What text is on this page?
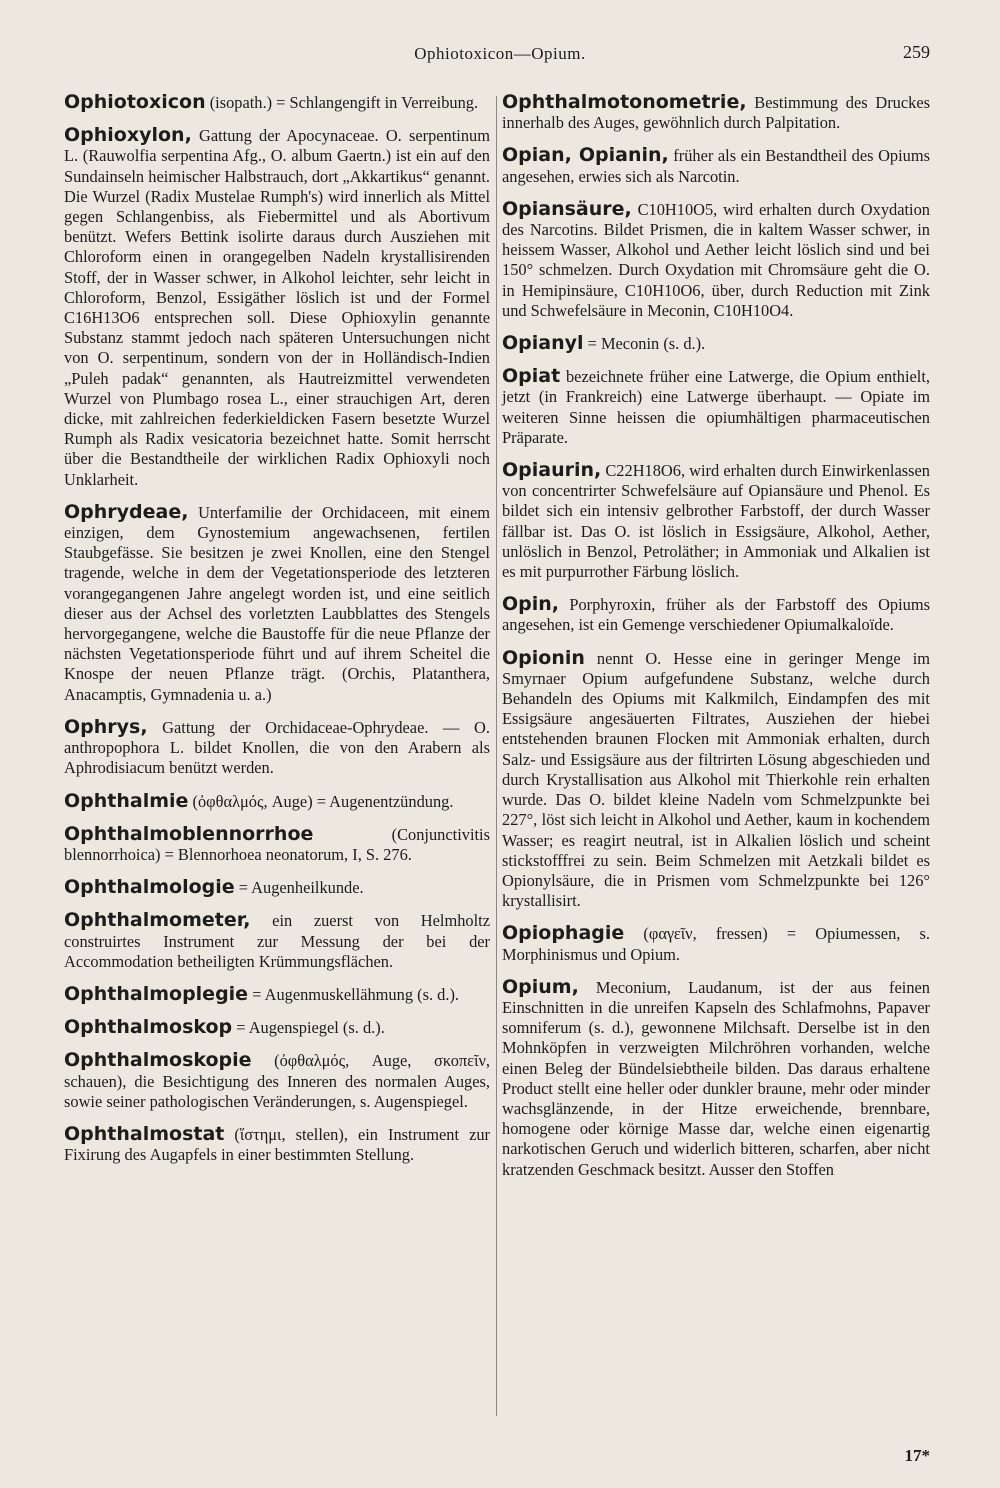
Ophiotoxicon—Opium.	259
Ophiotoxicon (isopath.) = Schlangengift in Verreibung.
Ophioxylon, Gattung der Apocynaceae. O. serpentinum L. (Rauwolfia serpentina Afg., O. album Gaertn.) ist ein auf den Sundainseln heimischer Halbstrauch, dort „Akkartikus“ genannt. Die Wurzel (Radix Mustelae Rumph's) wird innerlich als Mittel gegen Schlangenbiss, als Fiebermittel und als Abortivum benützt. Wefers Bettink isolirte daraus durch Ausziehen mit Chloroform einen in orangegelben Nadeln krystallisirenden Stoff, der in Wasser schwer, in Alkohol leichter, sehr leicht in Chloroform, Benzol, Essigäther löslich ist und der Formel C16H13O6 entsprechen soll. Diese Ophioxylin genannte Substanz stammt jedoch nach späteren Untersuchungen nicht von O. serpentinum, sondern von der in Holländisch-Indien „Puleh padak“ genannten, als Hautreizmittel verwendeten Wurzel von Plumbago rosea L., einer strauchigen Art, deren dicke, mit zahlreichen federkieldicken Fasern besetzte Wurzel Rumph als Radix vesicatoria bezeichnet hatte. Somit herrscht über die Bestandtheile der wirklichen Radix Ophioxyli noch Unklarheit.
Ophrydeae, Unterfamilie der Orchidaceen, mit einem einzigen, dem Gynostemium angewachsenen, fertilen Staubgefässe. Sie besitzen je zwei Knollen, eine den Stengel tragende, welche in dem der Vegetationsperiode des letzteren vorangegangenen Jahre angelegt worden ist, und eine seitlich dieser aus der Achsel des vorletzten Laubblattes des Stengels hervorgegangene, welche die Baustoffe für die neue Pflanze der nächsten Vegetationsperiode führt und auf ihrem Scheitel die Knospe der neuen Pflanze trägt. (Orchis, Platanthera, Anacamptis, Gymnadenia u. a.)
Ophrys, Gattung der Orchidaceae-Ophrydeae. — O. anthropophora L. bildet Knollen, die von den Arabern als Aphrodisiacum benützt werden.
Ophthalmie (ὀφθαλμός, Auge) = Augenentzündung.
Ophthalmoblennorrhoe (Conjunctivitis blennorrhoica) = Blennorhoea neonatorum, I, S. 276.
Ophthalmologie = Augenheilkunde.
Ophthalmometer, ein zuerst von Helmholtz construirtes Instrument zur Messung der bei der Accommodation betheiligten Krümmungsflächen.
Ophthalmoplegie = Augenmuskellähmung (s. d.).
Ophthalmoskop = Augenspiegel (s. d.).
Ophthalmoskopie (ὀφθαλμός, Auge, σκοπεῖν, schauen), die Besichtigung des Inneren des normalen Auges, sowie seiner pathologischen Veränderungen, s. Augenspiegel.
Ophthalmostat (ἵστημι, stellen), ein Instrument zur Fixirung des Augapfels in einer bestimmten Stellung.
Ophthalmotonometrie, Bestimmung des Druckes innerhalb des Auges, gewöhnlich durch Palpitation.
Opian, Opianin, früher als ein Bestandtheil des Opiums angesehen, erwies sich als Narcotin.
Opiansäure, C10H10O5, wird erhalten durch Oxydation des Narcotins. Bildet Prismen, die in kaltem Wasser schwer, in heissem Wasser, Alkohol und Aether leicht löslich sind und bei 150° schmelzen. Durch Oxydation mit Chromsäure geht die O. in Hemipinsäure, C10H10O6, über, durch Reduction mit Zink und Schwefelsäure in Meconin, C10H10O4.
Opianyl = Meconin (s. d.).
Opiat bezeichnete früher eine Latwerge, die Opium enthielt, jetzt (in Frankreich) eine Latwerge überhaupt. — Opiate im weiteren Sinne heissen die opiumhältigen pharmaceutischen Präparate.
Opiaurin, C22H18O6, wird erhalten durch Einwirkenlassen von concentrirter Schwefelsäure auf Opiansäure und Phenol. Es bildet sich ein intensiv gelbrother Farbstoff, der durch Wasser fällbar ist. Das O. ist löslich in Essigsäure, Alkohol, Aether, unlöslich in Benzol, Petroläther; in Ammoniak und Alkalien ist es mit purpurrother Färbung löslich.
Opin, Porphyroxin, früher als der Farbstoff des Opiums angesehen, ist ein Gemenge verschiedener Opiumalkaloïde.
Opionin nennt O. Hesse eine in geringer Menge im Smyrnaer Opium aufgefundene Substanz, welche durch Behandeln des Opiums mit Kalkmilch, Eindampfen des mit Essigsäure angesäuerten Filtrates, Ausziehen der hiebei entstehenden braunen Flocken mit Ammoniak erhalten, durch Salz- und Essigsäure aus der filtrirten Lösung abgeschieden und durch Krystallisation aus Alkohol mit Thierkohle rein erhalten wurde. Das O. bildet kleine Nadeln vom Schmelzpunkte bei 227°, löst sich leicht in Alkohol und Aether, kaum in kochendem Wasser; es reagirt neutral, ist in Alkalien löslich und scheint stickstofffrei zu sein. Beim Schmelzen mit Aetzkali bildet es Opionylsäure, die in Prismen vom Schmelzpunkte bei 126° krystallisirt.
Opiophagie (φαγεῖν, fressen) = Opiumessen, s. Morphinismus und Opium.
Opium, Meconium, Laudanum, ist der aus feinen Einschnitten in die unreifen Kapseln des Schlafmohns, Papaver somniferum (s. d.), gewonnene Milchsaft. Derselbe ist in den Mohnköpfen in verzweigten Milchröhren vorhanden, welche einen Beleg der Bündelsiebtheile bilden. Das daraus erhaltene Product stellt eine heller oder dunkler braune, mehr oder minder wachsglänzende, in der Hitze erweichende, brennbare, homogene oder körnige Masse dar, welche einen eigenartig narkotischen Geruch und widerlich bitteren, scharfen, aber nicht kratzenden Geschmack besitzt. Ausser den Stoffen
17*
